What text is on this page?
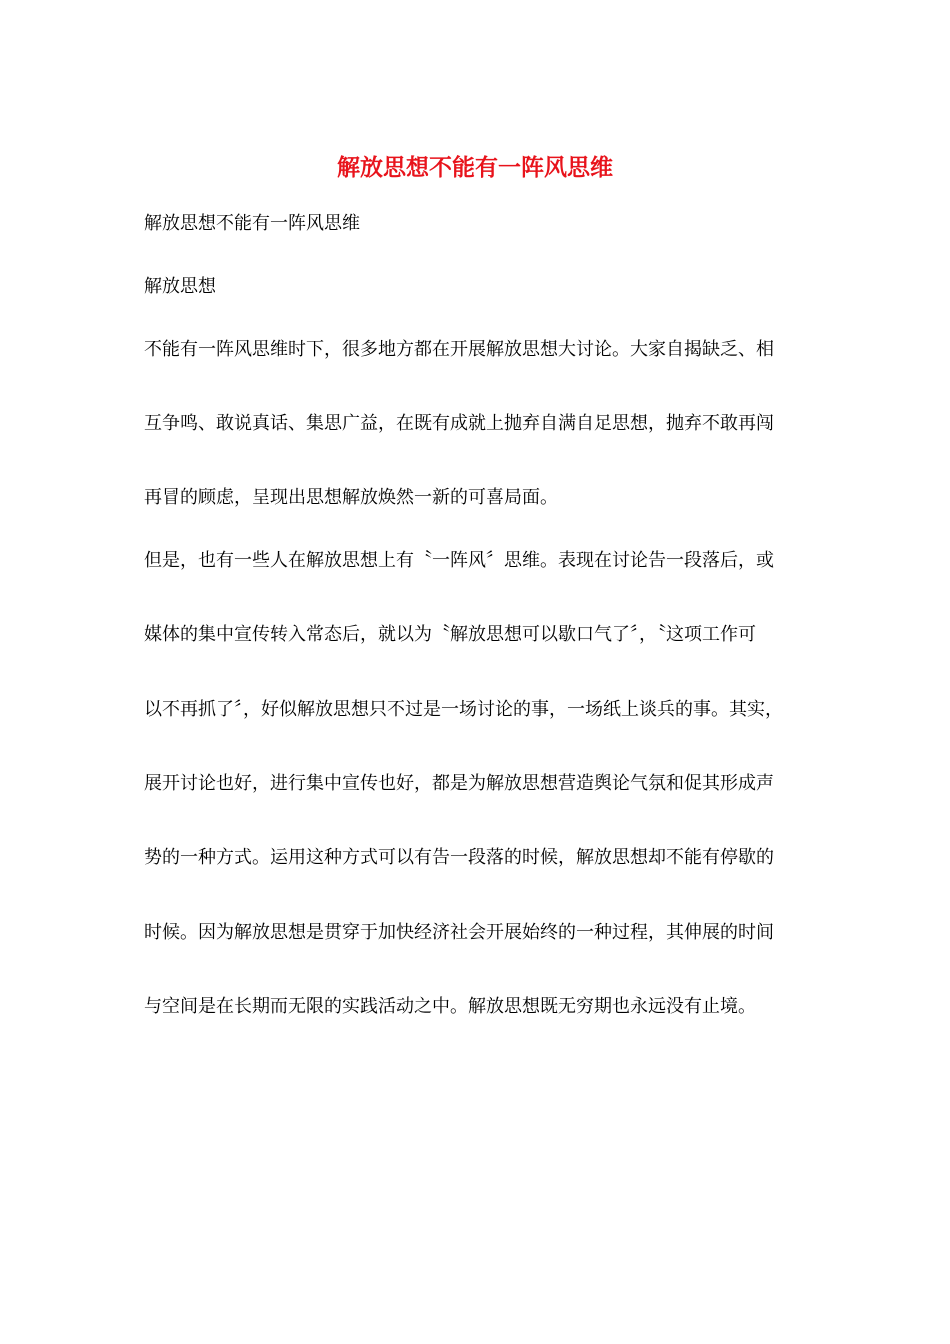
解放思想不能有一阵风思维

解放思想不能有一阵风思维

解放思想

不能有一阵风思维时下，很多地方都在开展解放思想大讨论。大家自揭缺乏、相

互争鸣、敢说真话、集思广益，在既有成就上抛弃自满自足思想，抛弃不敢再闯

再冒的顾虑，呈现出思想解放焕然一新的可喜局面。

但是，也有一些人在解放思想上有〝一阵风〞思维。表现在讨论告一段落后，或

媒体的集中宣传转入常态后，就以为〝解放思想可以歇口气了〞，〝这项工作可

以不再抓了〞，好似解放思想只不过是一场讨论的事，一场纸上谈兵的事。其实，

展开讨论也好，进行集中宣传也好，都是为解放思想营造舆论气氛和促其形成声

势的一种方式。运用这种方式可以有告一段落的时候，解放思想却不能有停歇的

时候。因为解放思想是贯穿于加快经济社会开展始终的一种过程，其伸展的时间

与空间是在长期而无限的实践活动之中。解放思想既无穷期也永远没有止境。
